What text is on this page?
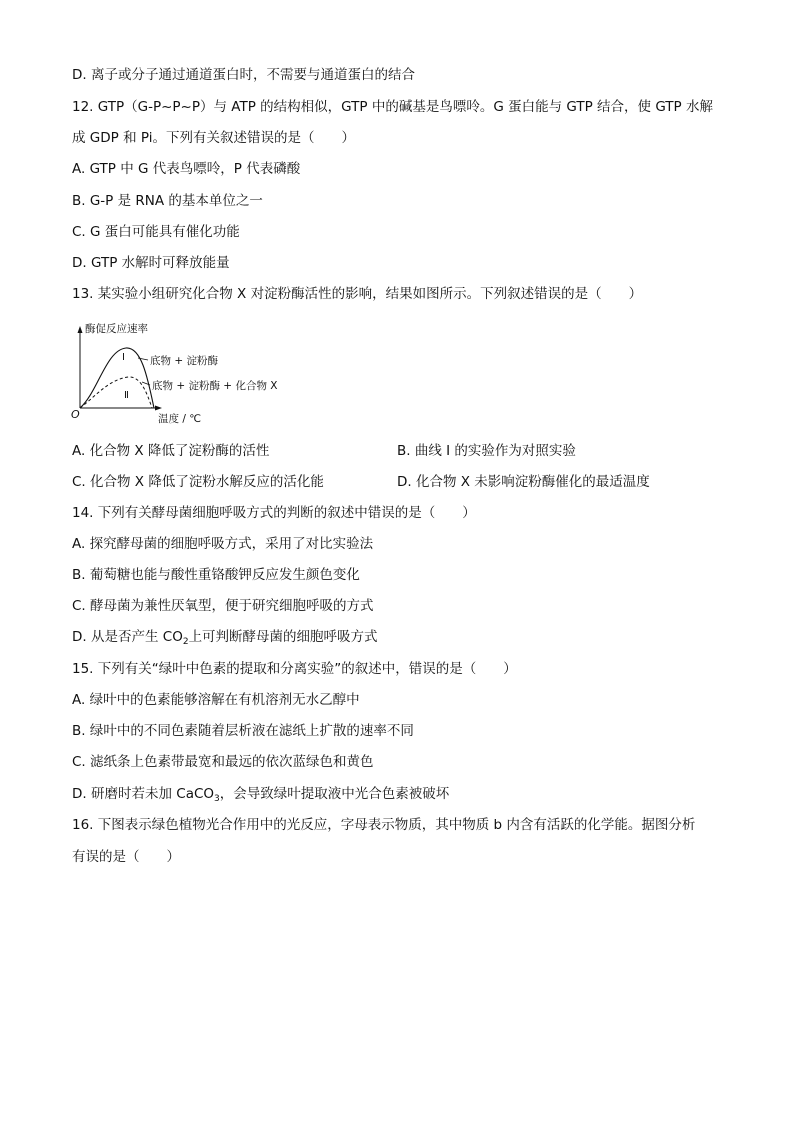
D. 离子或分子通过通道蛋白时，不需要与通道蛋白的结合
12. GTP（G-P~P~P）与 ATP 的结构相似，GTP 中的碱基是鸟嘌呤。G 蛋白能与 GTP 结合，使 GTP 水解
成 GDP 和 Pi。下列有关叙述错误的是（　　）
A. GTP 中 G 代表鸟嘌呤，P 代表磷酸
B. G-P 是 RNA 的基本单位之一
C. G 蛋白可能具有催化功能
D. GTP 水解时可释放能量
13. 某实验小组研究化合物 X 对淀粉酶活性的影响，结果如图所示。下列叙述错误的是（　　）
酶促反应速率
O	温度 / ℃
Ⅰ
Ⅱ
底物 + 淀粉酶
底物 + 淀粉酶 + 化合物 X
A. 化合物 X 降低了淀粉酶的活性	B. 曲线 Ⅰ 的实验作为对照实验
C. 化合物 X 降低了淀粉水解反应的活化能	D. 化合物 X 未影响淀粉酶催化的最适温度
14. 下列有关酵母菌细胞呼吸方式的判断的叙述中错误的是（　　）
A. 探究酵母菌的细胞呼吸方式，采用了对比实验法
B. 葡萄糖也能与酸性重铬酸钾反应发生颜色变化
C. 酵母菌为兼性厌氧型，便于研究细胞呼吸的方式
D. 从是否产生 $CO_2$上可判断酵母菌的细胞呼吸方式
15. 下列有关“绿叶中色素的提取和分离实验”的叙述中，错误的是（　　）
A. 绿叶中的色素能够溶解在有机溶剂无水乙醇中
B. 绿叶中的不同色素随着层析液在滤纸上扩散的速率不同
C. 滤纸条上色素带最宽和最远的依次蓝绿色和黄色
D. 研磨时若未加 CaCO$_3$，会导致绿叶提取液中光合色素被破坏
16. 下图表示绿色植物光合作用中的光反应，字母表示物质，其中物质 b 内含有活跃的化学能。据图分析
有误的是（　　）
